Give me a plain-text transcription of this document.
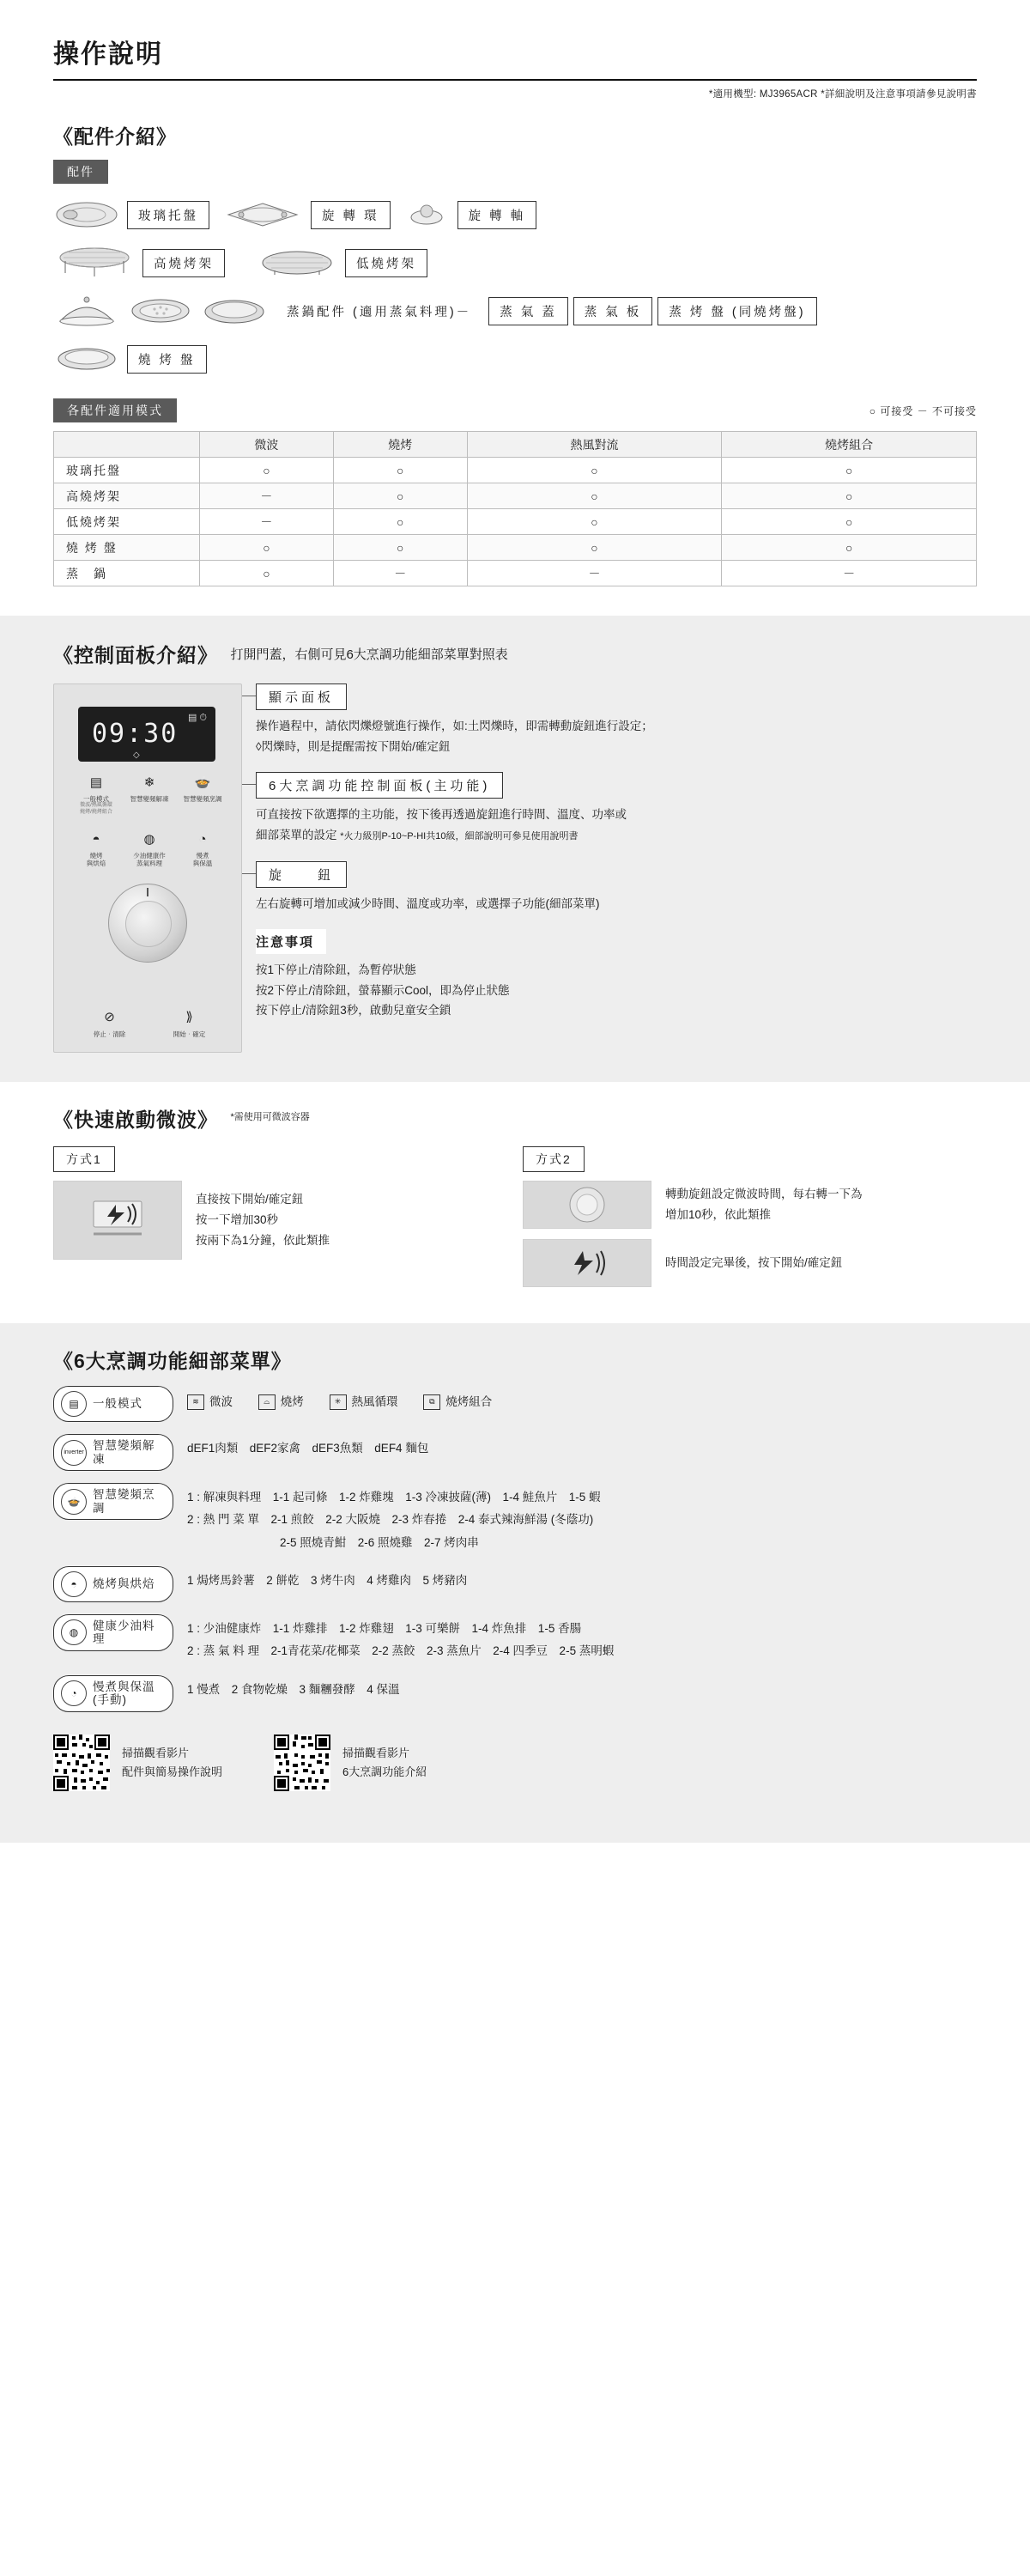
操作說明
*適用機型: MJ3965ACR *詳細說明及注意事項請參見說明書
《配件介紹》
配件
玻璃托盤	旋 轉 環	旋 轉 軸
高燒烤架	低燒烤架
蒸鍋配件 (適用蒸氣料理)－	蒸 氣 蓋	蒸 氣 板	蒸 烤 盤 (同燒烤盤)
燒 烤 盤
各配件適用模式	○ 可接受 － 不可接受
	微波	燒烤	熱風對流	燒烤組合
玻璃托盤	○	○	○	○
高燒烤架	－	○	○	○
低燒烤架	－	○	○	○
燒 烤 盤	○	○	○	○
蒸　鍋	○	－	－	－
《控制面板介紹》 打開門蓋，右側可見6大烹調功能細部菜單對照表
▤ ⏱
09:30
◇
▤
一般模式
微波/熱風循環
燒烤/燒烤組合
❄
智慧變頻解凍
🍲
智慧變頻烹調
◓
燒烤
與烘焙
◍
少油健康作
蒸氣料理
◔
慢煮
與保溫
⊘
停止‧清除
⟫
開始‧確定
顯示面板
操作過程中，請依閃爍燈號進行操作，如:土閃爍時，即需轉動旋鈕進行設定；
◊閃爍時，則是提醒需按下開始/確定鈕
6大烹調功能控制面板(主功能)
可直接按下欲選擇的主功能，按下後再透過旋鈕進行時間、溫度、功率或
細部菜單的設定 *火力級別P-10~P-HI共10級，細部說明可參見使用說明書
旋　　鈕
左右旋轉可增加或減少時間、溫度或功率，或選擇子功能(細部菜單)
注意事項
按1下停止/清除鈕，為暫停狀態
按2下停止/清除鈕，螢幕顯示Cool，即為停止狀態
按下停止/清除鈕3秒，啟動兒童安全鎖
《快速啟動微波》 *需使用可微波容器
方式1
直接按下開始/確定鈕
按一下增加30秒
按兩下為1分鐘，依此類推
方式2
轉動旋鈕設定微波時間，每右轉一下為
增加10秒，依此類推
時間設定完畢後，按下開始/確定鈕
《6大烹調功能細部菜單》
▤	一般模式	≋ 微波
	⌓ 燒烤
	✳ 熱風循環
	⧉ 燒烤組合
inverter
智慧變頻解凍
dEF1肉類　dEF2家禽　dEF3魚類　dEF4 麵包
🍲
智慧變頻烹調
1 : 解凍與料理　1-1 起司條　1-2 炸雞塊　1-3 冷凍披薩(薄)　1-4 鮭魚片　1-5 蝦
2 : 熱 門 菜 單　2-1 煎餃　2-2 大阪燒　2-3 炸春捲　2-4 泰式辣海鮮湯 (冬蔭功)
　　　　　　　　2-5 照燒青魽　2-6 照燒雞　2-7 烤肉串
◓	燒烤與烘焙	1 焗烤馬鈴薯　2 餅乾　3 烤牛肉　4 烤雞肉　5 烤豬肉
◍
健康少油料理
1 : 少油健康炸　1-1 炸雞排　1-2 炸雞翅　1-3 可樂餅　1-4 炸魚排　1-5 香腸
2 : 蒸 氣 料 理　2-1青花菜/花椰菜　2-2 蒸餃　2-3 蒸魚片　2-4 四季豆　2-5 蒸明蝦
◔
慢煮與保溫
(手動)
1 慢煮　2 食物乾燥　3 麵糰發酵　4 保溫
掃描觀看影片
配件與簡易操作說明
掃描觀看影片
6大烹調功能介紹
